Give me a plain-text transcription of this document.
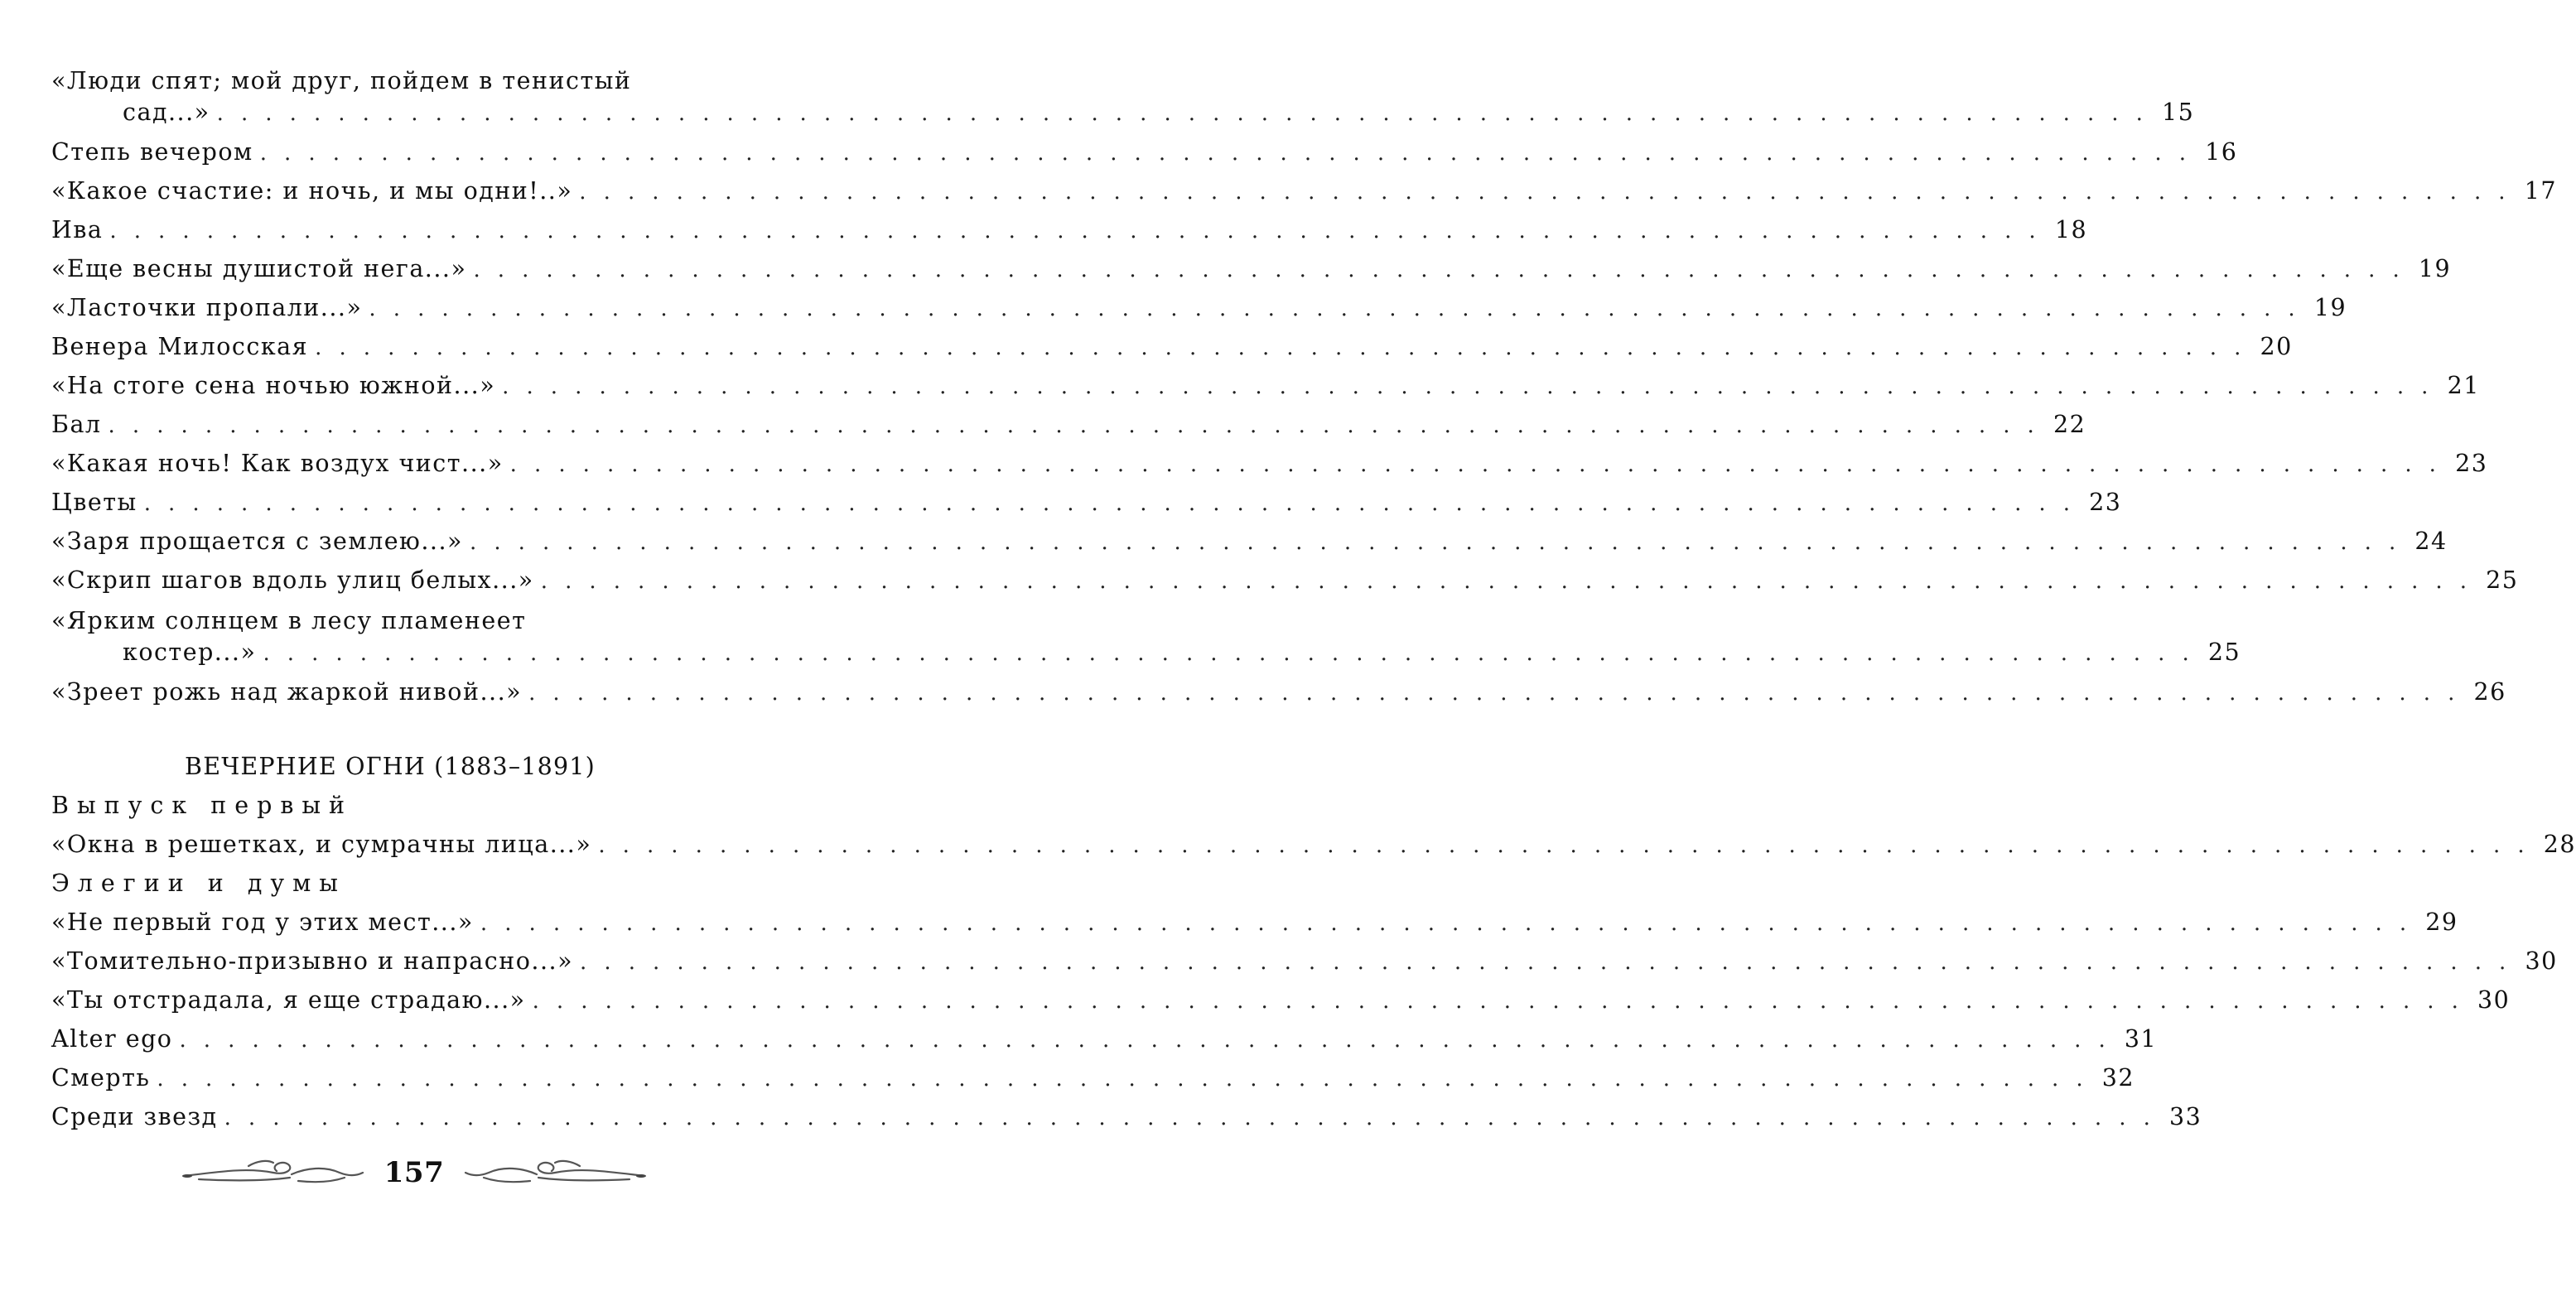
«Люди спят; мой друг, пойдем в тенистый
сад...» . . . . . . . . . . . . . . . . . . . . . . . . . . . . . . . . . . . . . . . . . . . . . . . . . . . . . . . . . . . . . . . . . . . . . . . . . . . . . . . . 15
Степь вечером . . . . . . . . . . . . . . . . . . . . . . . . . . . . . . . . . . . . . . . . . . . . . . . . . . . . . . . . . . . . . . . . . . . . . . . . . . . . . . . . 16
«Какое счастие: и ночь, и мы одни!..» . . . . . . . . . . . . . . . . . . . . . . . . . . . . . . . . . . . . . . . . . . . . . . . . . . . . . . . . . . . . . . . . . . . . . . . . . . . . . . . . 17
Ива . . . . . . . . . . . . . . . . . . . . . . . . . . . . . . . . . . . . . . . . . . . . . . . . . . . . . . . . . . . . . . . . . . . . . . . . . . . . . . . . 18
«Еще весны душистой нега...» . . . . . . . . . . . . . . . . . . . . . . . . . . . . . . . . . . . . . . . . . . . . . . . . . . . . . . . . . . . . . . . . . . . . . . . . . . . . . . . . 19
«Ласточки пропали...» . . . . . . . . . . . . . . . . . . . . . . . . . . . . . . . . . . . . . . . . . . . . . . . . . . . . . . . . . . . . . . . . . . . . . . . . . . . . . . . . 19
Венера Милосская . . . . . . . . . . . . . . . . . . . . . . . . . . . . . . . . . . . . . . . . . . . . . . . . . . . . . . . . . . . . . . . . . . . . . . . . . . . . . . . . 20
«На стоге сена ночью южной...» . . . . . . . . . . . . . . . . . . . . . . . . . . . . . . . . . . . . . . . . . . . . . . . . . . . . . . . . . . . . . . . . . . . . . . . . . . . . . . . . 21
Бал . . . . . . . . . . . . . . . . . . . . . . . . . . . . . . . . . . . . . . . . . . . . . . . . . . . . . . . . . . . . . . . . . . . . . . . . . . . . . . . . 22
«Какая ночь! Как воздух чист...» . . . . . . . . . . . . . . . . . . . . . . . . . . . . . . . . . . . . . . . . . . . . . . . . . . . . . . . . . . . . . . . . . . . . . . . . . . . . . . . . 23
Цветы . . . . . . . . . . . . . . . . . . . . . . . . . . . . . . . . . . . . . . . . . . . . . . . . . . . . . . . . . . . . . . . . . . . . . . . . . . . . . . . . 23
«Заря прощается с землею...» . . . . . . . . . . . . . . . . . . . . . . . . . . . . . . . . . . . . . . . . . . . . . . . . . . . . . . . . . . . . . . . . . . . . . . . . . . . . . . . . 24
«Скрип шагов вдоль улиц белых...» . . . . . . . . . . . . . . . . . . . . . . . . . . . . . . . . . . . . . . . . . . . . . . . . . . . . . . . . . . . . . . . . . . . . . . . . . . . . . . . . 25
«Ярким солнцем в лесу пламенеет
костер...» . . . . . . . . . . . . . . . . . . . . . . . . . . . . . . . . . . . . . . . . . . . . . . . . . . . . . . . . . . . . . . . . . . . . . . . . . . . . . . . . 25
«Зреет рожь над жаркой нивой...» . . . . . . . . . . . . . . . . . . . . . . . . . . . . . . . . . . . . . . . . . . . . . . . . . . . . . . . . . . . . . . . . . . . . . . . . . . . . . . . . 26
ВЕЧЕРНИЕ ОГНИ (1883–1891)
Выпуск первый
«Окна в решетках, и сумрачны лица...» . . . . . . . . . . . . . . . . . . . . . . . . . . . . . . . . . . . . . . . . . . . . . . . . . . . . . . . . . . . . . . . . . . . . . . . . . . . . . . . . 28
Элегии и думы
«Не первый год у этих мест...» . . . . . . . . . . . . . . . . . . . . . . . . . . . . . . . . . . . . . . . . . . . . . . . . . . . . . . . . . . . . . . . . . . . . . . . . . . . . . . . . 29
«Томительно-призывно и напрасно...» . . . . . . . . . . . . . . . . . . . . . . . . . . . . . . . . . . . . . . . . . . . . . . . . . . . . . . . . . . . . . . . . . . . . . . . . . . . . . . . . 30
«Ты отстрадала, я еще страдаю...» . . . . . . . . . . . . . . . . . . . . . . . . . . . . . . . . . . . . . . . . . . . . . . . . . . . . . . . . . . . . . . . . . . . . . . . . . . . . . . . . 30
Alter ego . . . . . . . . . . . . . . . . . . . . . . . . . . . . . . . . . . . . . . . . . . . . . . . . . . . . . . . . . . . . . . . . . . . . . . . . . . . . . . . . 31
Смерть . . . . . . . . . . . . . . . . . . . . . . . . . . . . . . . . . . . . . . . . . . . . . . . . . . . . . . . . . . . . . . . . . . . . . . . . . . . . . . . . 32
Среди звезд . . . . . . . . . . . . . . . . . . . . . . . . . . . . . . . . . . . . . . . . . . . . . . . . . . . . . . . . . . . . . . . . . . . . . . . . . . . . . . . . 33
157
